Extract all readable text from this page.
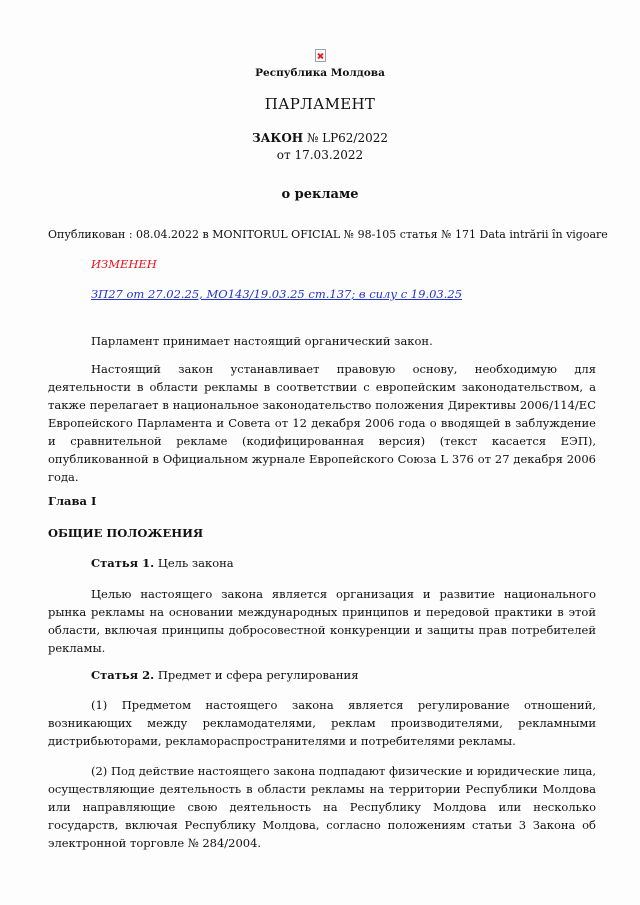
Республика Молдова
ПАРЛАМЕНТ
ЗАКОН № LP62/2022
от 17.03.2022
о рекламе
Опубликован : 08.04.2022 в MONITORUL OFICIAL № 98-105 статья № 171 Data intrării în vigoare
ИЗМЕНЕН
ЗП27 от 27.02.25, MO143/19.03.25 ст.137; в силу с 19.03.25
Парламент принимает настоящий органический закон.
Настоящий закон устанавливает правовую основу, необходимую для деятельности в области рекламы в соответствии с европейским законодательством, а также перелагает в национальное законодательство положения Директивы 2006/114/ЕС Европейского Парламента и Совета от 12 декабря 2006 года о вводящей в заблуждение и сравнительной рекламе (кодифицированная версия) (текст касается ЕЭП), опубликованной в Официальном журнале Европейского Союза L 376 от 27 декабря 2006 года.
Глава I
ОБЩИЕ ПОЛОЖЕНИЯ
Статья 1. Цель закона
Целью настоящего закона является организация и развитие национального рынка рекламы на основании международных принципов и передовой практики в этой области, включая принципы добросовестной конкуренции и защиты прав потребителей рекламы.
Статья 2. Предмет и сфера регулирования
(1) Предметом настоящего закона является регулирование отношений, возникающих между рекламодателями, реклам производителями, рекламными дистрибьюторами, рекламораспространителями и потребителями рекламы.
(2) Под действие настоящего закона подпадают физические и юридические лица, осуществляющие деятельность в области рекламы на территории Республики Молдова или направляющие свою деятельность на Республику Молдова или несколько государств, включая Республику Молдова, согласно положениям статьи 3 Закона об электронной торговле № 284/2004.
